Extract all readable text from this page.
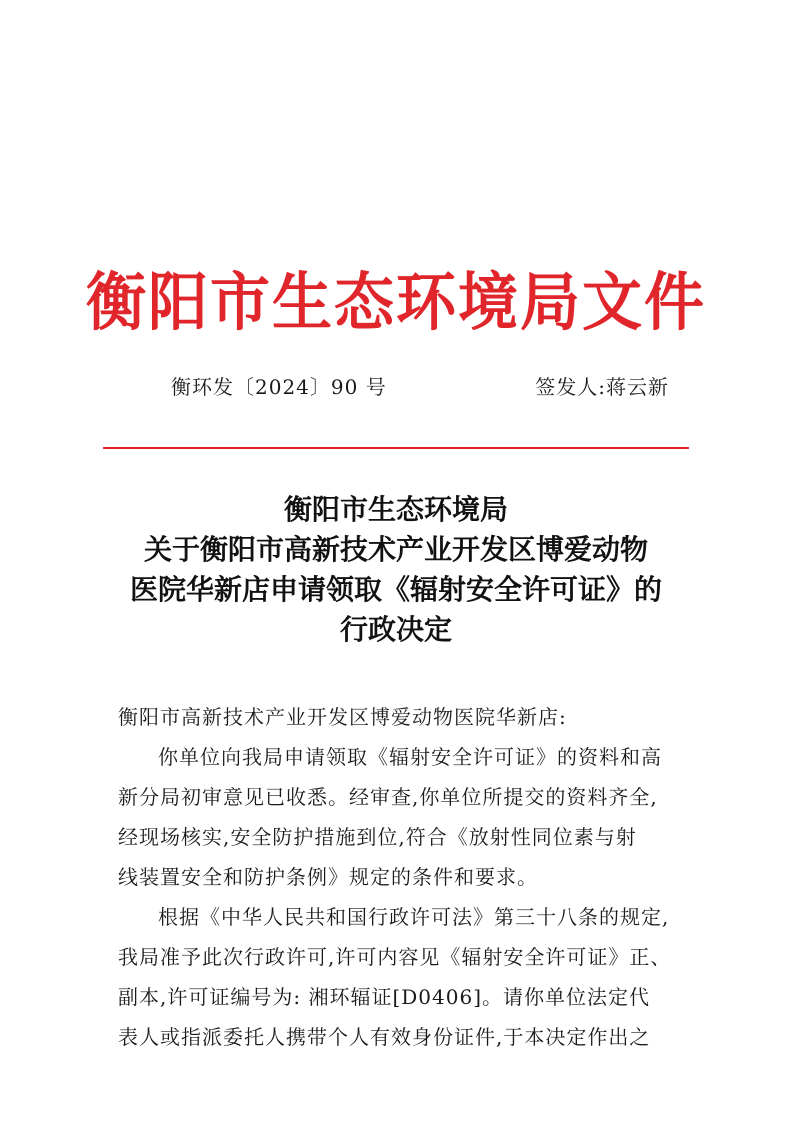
衡阳市生态环境局文件
衡环发〔2024〕90 号	签发人:蒋云新
衡阳市生态环境局
关于衡阳市高新技术产业开发区博爱动物
医院华新店申请领取《辐射安全许可证》的
行政决定

衡阳市高新技术产业开发区博爱动物医院华新店:

你单位向我局申请领取《辐射安全许可证》的资料和高

新分局初审意见已收悉。经审查,你单位所提交的资料齐全,

经现场核实,安全防护措施到位,符合《放射性同位素与射

线装置安全和防护条例》规定的条件和要求。

根据《中华人民共和国行政许可法》第三十八条的规定,

我局准予此次行政许可,许可内容见《辐射安全许可证》正、

副本,许可证编号为: 湘环辐证[D0406]。请你单位法定代

表人或指派委托人携带个人有效身份证件,于本决定作出之
